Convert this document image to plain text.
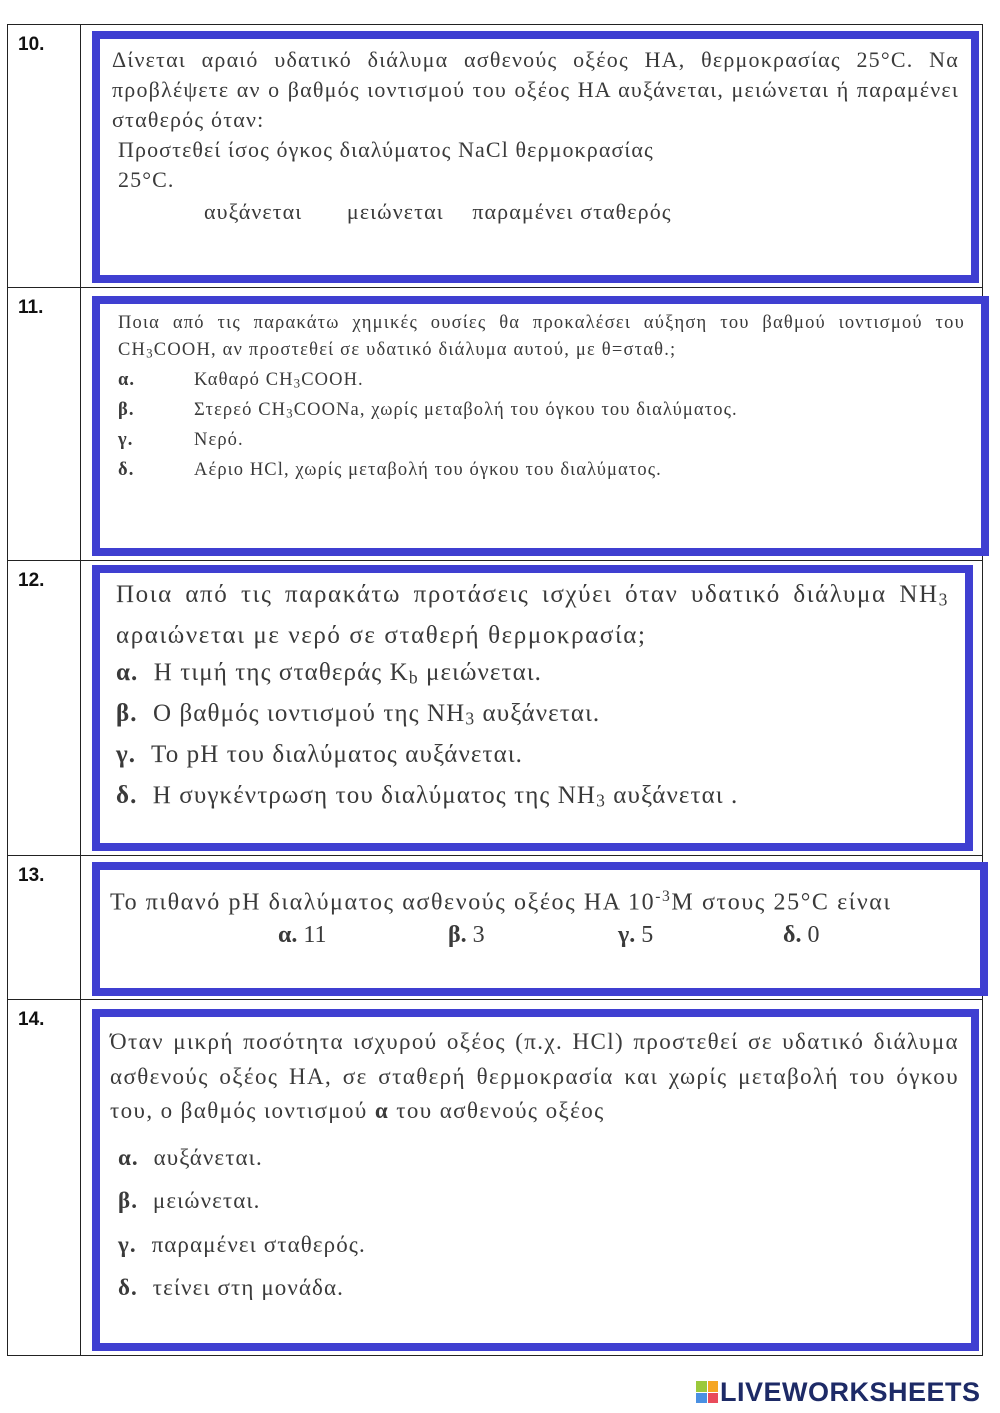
10.

Δίνεται αραιό υδατικό διάλυμα ασθενούς οξέος ΗΑ, θερμοκρασίας 25°C. Να προβλέψετε αν ο βαθμός ιοντισμού του οξέος ΗΑ αυξάνεται, μειώνεται ή παραμένει σταθερός όταν:

Προστεθεί ίσος όγκος διαλύματος NaCl θερμοκρασίας

25°C.

αυξάνεται μειώνεται παραμένει σταθερός

11.

Ποια από τις παρακάτω χημικές ουσίες θα προκαλέσει αύξηση του βαθμού ιοντισμού του $CH_3COOH$, αν προστεθεί σε υδατικό διάλυμα αυτού, με θ=σταθ.;

α.	Καθαρό $CH_3COOH$.
β.	Στερεό $CH_3COONa$, χωρίς μεταβολή του όγκου του διαλύματος.
γ.	Νερό.
δ.	Αέριο HCl, χωρίς μεταβολή του όγκου του διαλύματος.
12.

Ποια από τις παρακάτω προτάσεις ισχύει όταν υδατικό διάλυμα $NH_3$ αραιώνεται με νερό σε σταθερή θερμοκρασία;

α. Η τιμή της σταθεράς $K_b$ μειώνεται.

β. Ο βαθμός ιοντισμού της $NH_3$ αυξάνεται.

γ. Το pH του διαλύματος αυξάνεται.

δ. Η συγκέντρωση του διαλύματος της $NH_3$ αυξάνεται .

13.

Το πιθανό pH διαλύματος ασθενούς οξέος ΗΑ $10^{-3}M$ στους 25°C είναι

α. 11	β. 3	γ. 5	δ. 0
14.

Όταν μικρή ποσότητα ισχυρού οξέος (π.χ. HCl) προστεθεί σε υδατικό διάλυμα ασθενούς οξέος ΗΑ, σε σταθερή θερμοκρασία και χωρίς μεταβολή του όγκου του, ο βαθμός ιοντισμού α του ασθενούς οξέος

α. αυξάνεται.

β. μειώνεται.

γ. παραμένει σταθερός.

δ. τείνει στη μονάδα.

LIVEWORKSHEETS
